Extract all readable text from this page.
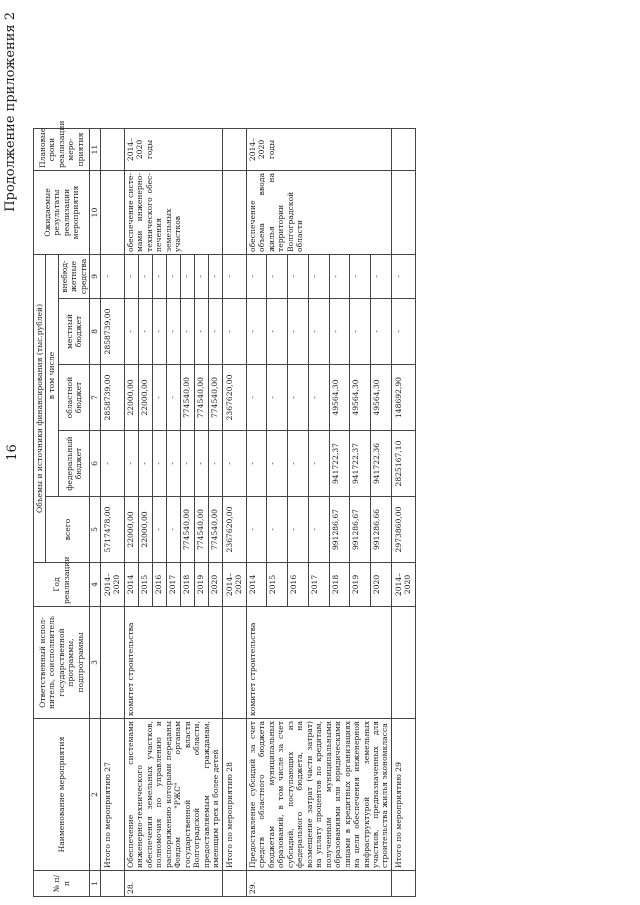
16
Продолжение приложения 2
№ п/п	Наименование мероприятия	Ответственный испол- нитель, соисполнитель государственной программы, подпрограммы	Год реализации	Объемы и источники финансирования (тыс.рублей)					Ожидаемые результаты реализации мероприятия	Плановые сроки реализации меро- приятия	
				всего	в том числе						
					федеральный бюджет	областной бюджет	местный бюджет	внебюд- жетные средства			
1	2	3	4	5	6	7	8	9	10	11	
	Итого по мероприятию 27		2014–2020	5717478,00	-	2858739,00	2858739,00	-			
28.	Обеспечение системами инженерно-технического обеспечения земельных участков, полномочия по управлению и распоряжению которыми переданы Фондом "РЖС" органам государственной власти Волгоградской области, предоставляемым гражданам, имеющим трех и более детей	комитет строительства	2014	22000,00	-	22000,00	-	-	обеспечение систе- мами инженерно- технического обес- печения земельных участков	2014–2020 годы	
			2015	22000,00	-	22000,00	-	-			
			2016	-	-	-	-	-			
			2017	-	-	-	-	-			
			2018	774540,00	-	774540,00	-	-			
			2019	774540,00	-	774540,00	-	-			
			2020	774540,00	-	774540,00	-	-			
	Итого по мероприятию 28		2014–2020	2367620,00	-	2367620,00	-	-			
29.	Предоставление субсидий за счет средств областного бюджета бюджетам муниципальных образований, в том числе за счет субсидий, поступающих из федерального бюджета, на возмещение затрат (части затрат) на уплату процентов по кредитам, полученным муниципальными образованиями или юридическими лицами в кредитных организациях на цели обеспечения инженерной инфраструктурой земельных участков, предназначенных для строительства жилья экономкласса	комитет строительства	2014	-	-	-	-	-	обеспечение объема ввода жилья на территории Волгоградской области	2014–2020 годы	
			2015	-	-	-	-	-			
			2016	-	-	-	-	-			
			2017	-	-	-	-	-			
			2018	991286,67	941722,37	49564,30	-	-			
			2019	991286,67	941722,37	49564,30	-	-			
			2020	991286,66	941722,36	49564,30	-	-			
	Итого по мероприятию 29		2014–2020	2973860,00	2825167,10	148692,90	-	-			
